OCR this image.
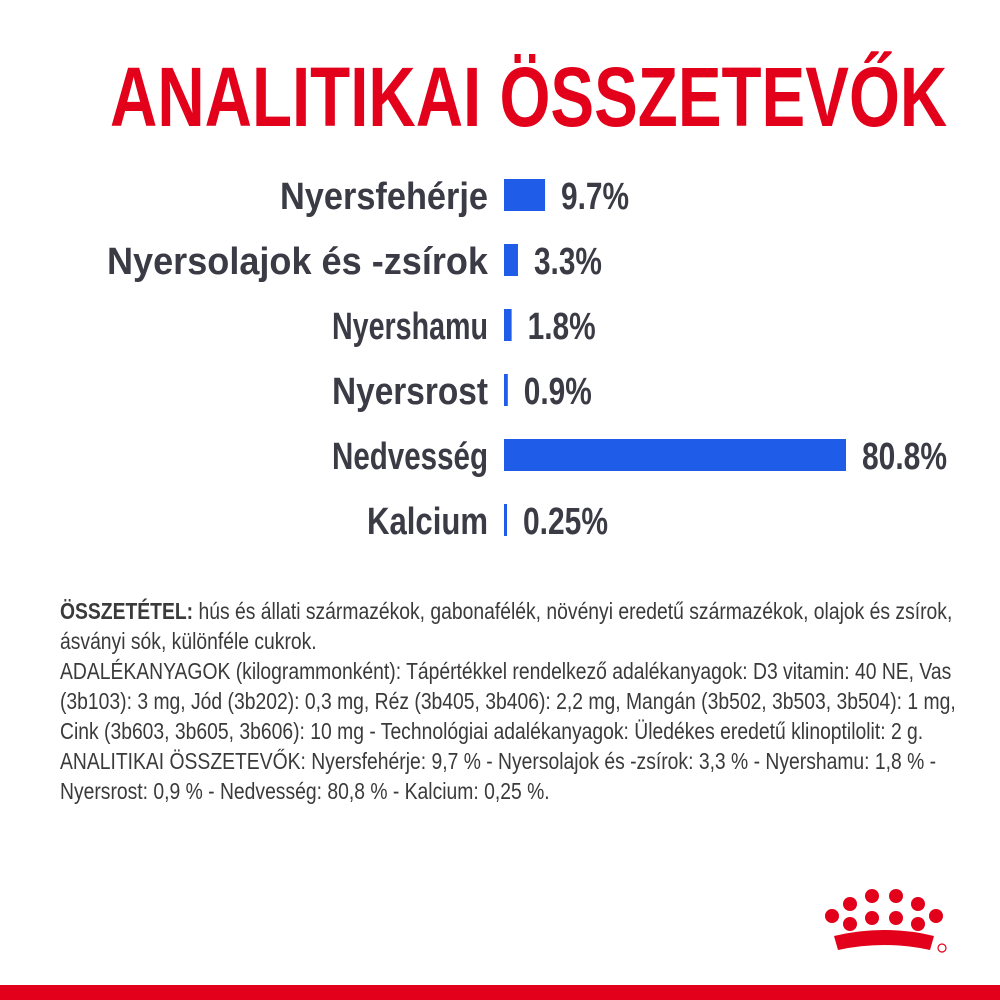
ANALITIKAI ÖSSZETEVŐK
Nyersfehérje 9.7%
Nyersolajok és -zsírok 3.3%
Nyershamu 1.8%
Nyersrost 0.9%
Nedvesség	80.8%
Kalcium 0.25%

ÖSSZETÉTEL: hús és állati származékok, gabonafélék, növényi eredetű származékok, olajok és zsírok, ásványi sók, különféle cukrok.

ADALÉKANYAGOK (kilogrammonként): Tápértékkel rendelkező adalékanyagok: D3 vitamin: 40 NE, Vas (3b103): 3 mg, Jód (3b202): 0,3 mg, Réz (3b405, 3b406): 2,2 mg, Mangán (3b502, 3b503, 3b504): 1 mg, Cink (3b603, 3b605, 3b606): 10 mg - Technológiai adalékanyagok: Üledékes eredetű klinoptilolit: 2 g.

ANALITIKAI ÖSSZETEVŐK: Nyersfehérje: 9,7 % - Nyersolajok és -zsírok: 3,3 % - Nyershamu: 1,8 % - Nyersrost: 0,9 % - Nedvesség: 80,8 % - Kalcium: 0,25 %.
